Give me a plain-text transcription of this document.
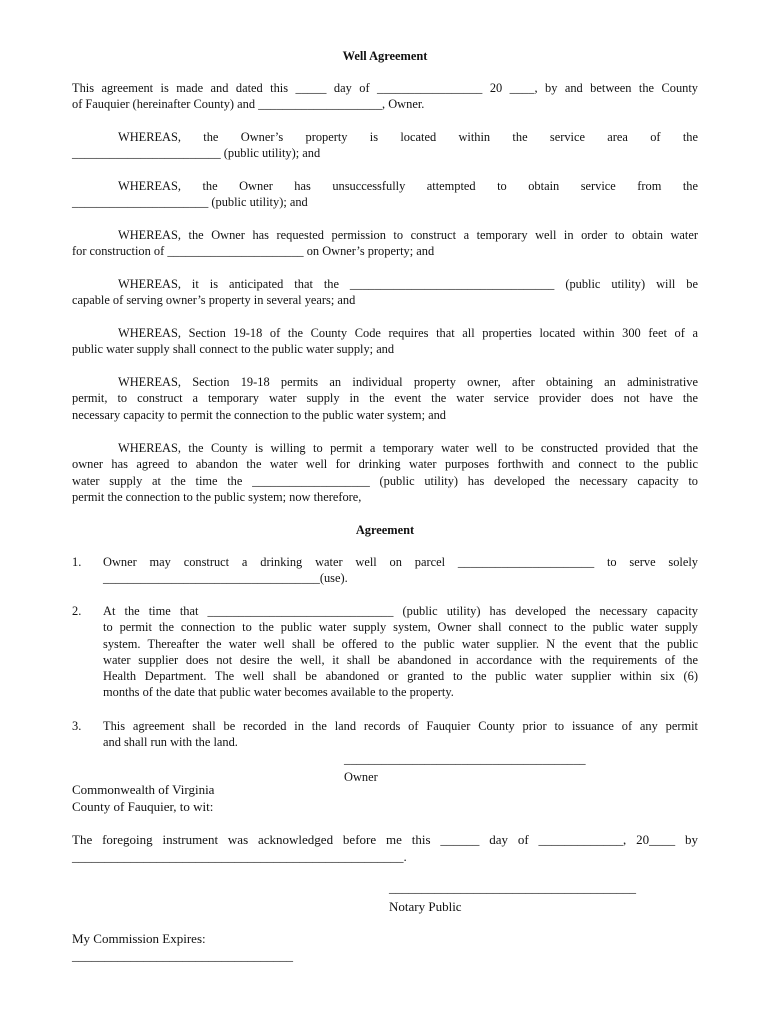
Well Agreement
This agreement is made and dated this _____ day of _________________ 20 ____, by and between the County
of Fauquier (hereinafter County) and ____________________, Owner.
WHEREAS, the Owner’s property is located within the service area of the
________________________ (public utility); and
WHEREAS, the Owner has unsuccessfully attempted to obtain service from the
______________________ (public utility); and
WHEREAS, the Owner has requested permission to construct a temporary well in order to obtain water
for construction of ______________________ on Owner’s property; and
WHEREAS, it is anticipated that the _________________________________ (public utility) will be
capable of serving owner’s property in several years; and
WHEREAS, Section 19-18 of the County Code requires that all properties located within 300 feet of a
public water supply shall connect to the public water supply; and
WHEREAS, Section 19-18 permits an individual property owner, after obtaining an administrative
permit, to construct a temporary water supply in the event the water service provider does not have the
necessary capacity to permit the connection to the public water system; and
WHEREAS, the County is willing to permit a temporary water well to be constructed provided that the
owner has agreed to abandon the water well for drinking water purposes forthwith and connect to the public
water supply at the time the ___________________ (public utility) has developed the necessary capacity to
permit the connection to the public system; now therefore,
Agreement
1. Owner may construct a drinking water well on parcel ______________________ to serve solely
___________________________________(use).
2. At the time that ______________________________ (public utility) has developed the necessary capacity
to permit the connection to the public water supply system, Owner shall connect to the public water supply
system. Thereafter the water well shall be offered to the public water supplier. N the event that the public
water supplier does not desire the well, it shall be abandoned in accordance with the requirements of the
Health Department. The well shall be abandoned or granted to the public water supplier within six (6)
months of the date that public water becomes available to the property.
3. This agreement shall be recorded in the land records of Fauquier County prior to issuance of any permit
and shall run with the land.
_______________________________________
Owner
Commonwealth of Virginia
County of Fauquier, to wit:
The foregoing instrument was acknowledged before me this ______ day of _____________, 20____ by
___________________________________________________.
______________________________________
Notary Public
My Commission Expires:
__________________________________
